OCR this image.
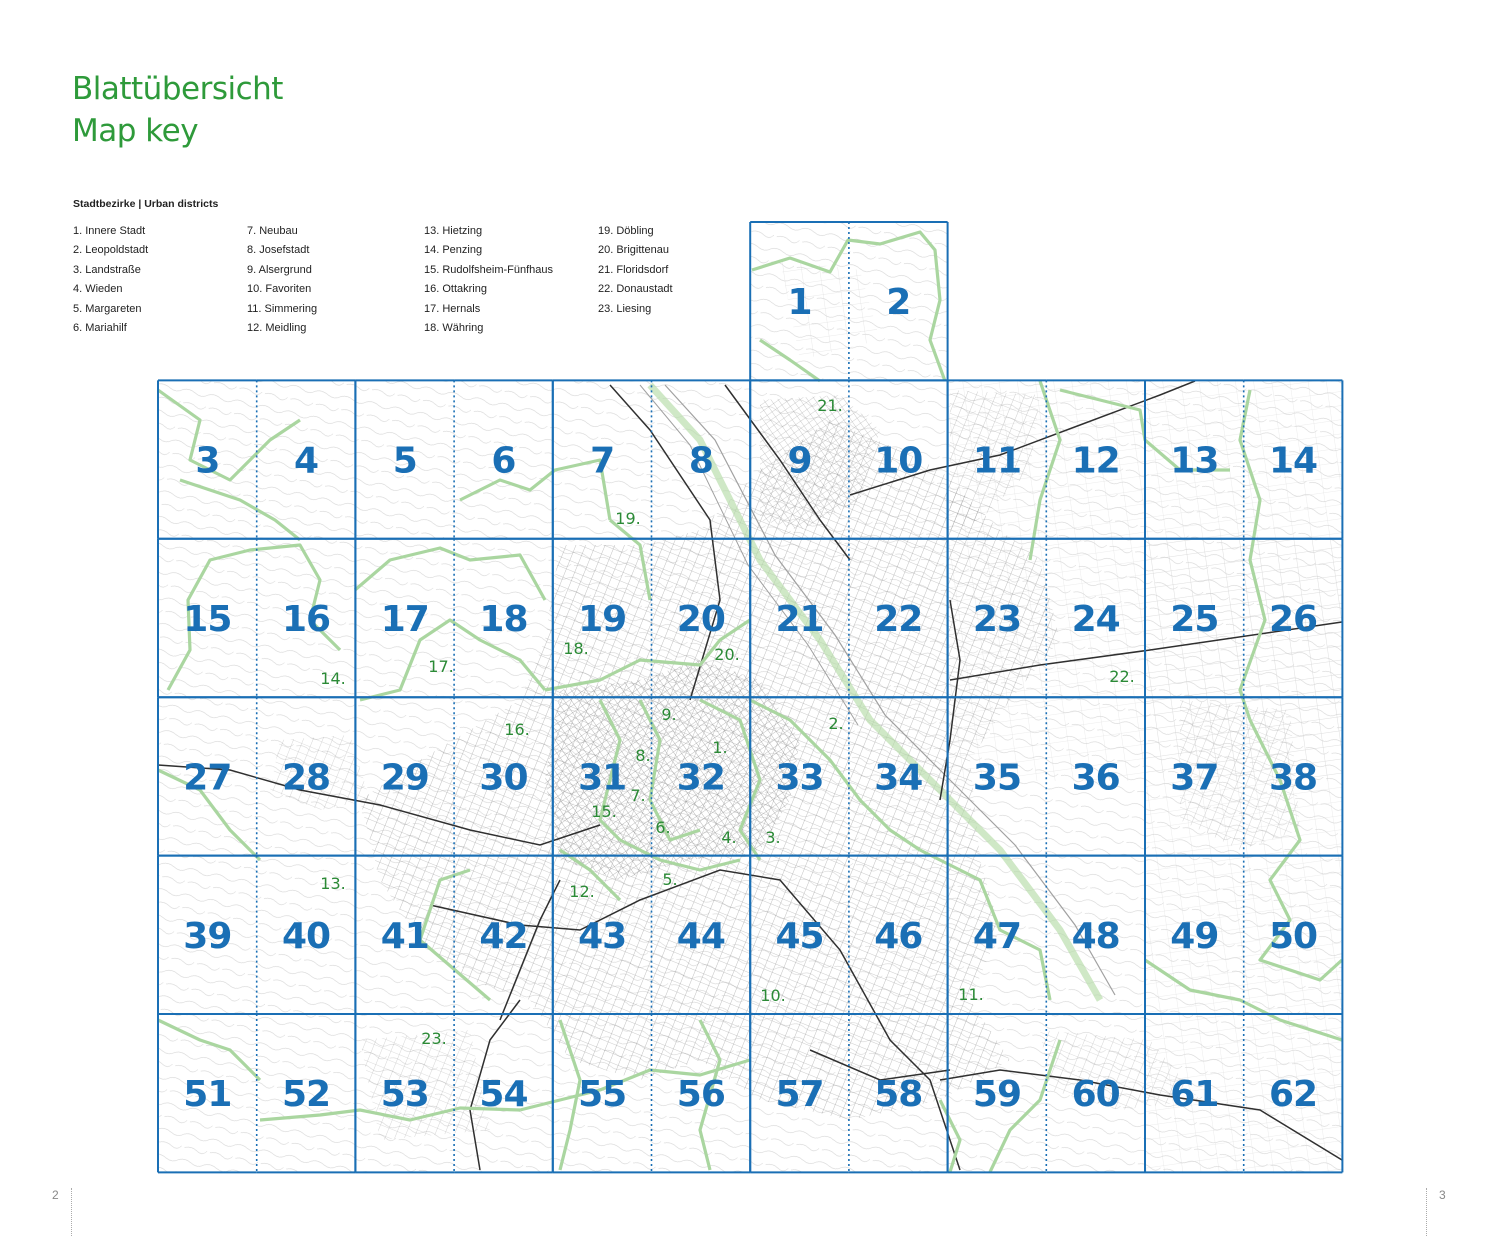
Blattübersicht
Map key
Stadtbezirke | Urban districts
1. Innere Stadt
2. Leopoldstadt
3. Landstraße
4. Wieden
5. Margareten
6. Mariahilf
7. Neubau
8. Josefstadt
9. Alsergrund
10. Favoriten
11. Simmering
12. Meidling
13. Hietzing
14. Penzing
15. Rudolfsheim-Fünfhaus
16. Ottakring
17. Hernals
18. Währing
19. Döbling
20. Brigittenau
21. Floridsdorf
22. Donaustadt
23. Liesing	1 2
3 4 5 6 7 8 9 10 11 12 13 14
15 16 17 18 19 20 21 22 23 24 25 26
27 28 29 30 31 32 33 34 35 36 37 38
39 40 41 42 43 44 45 46 47 48 49 50
51 52 53 54 55 56 57 58 59 60 61 62
1.
2.
3.
4.
5.
6.
7.
8.
9.
10.	11.
12.
13.
14.
15.
16.
17.
18.
19.
20.
21.
22.
23.
2	3
